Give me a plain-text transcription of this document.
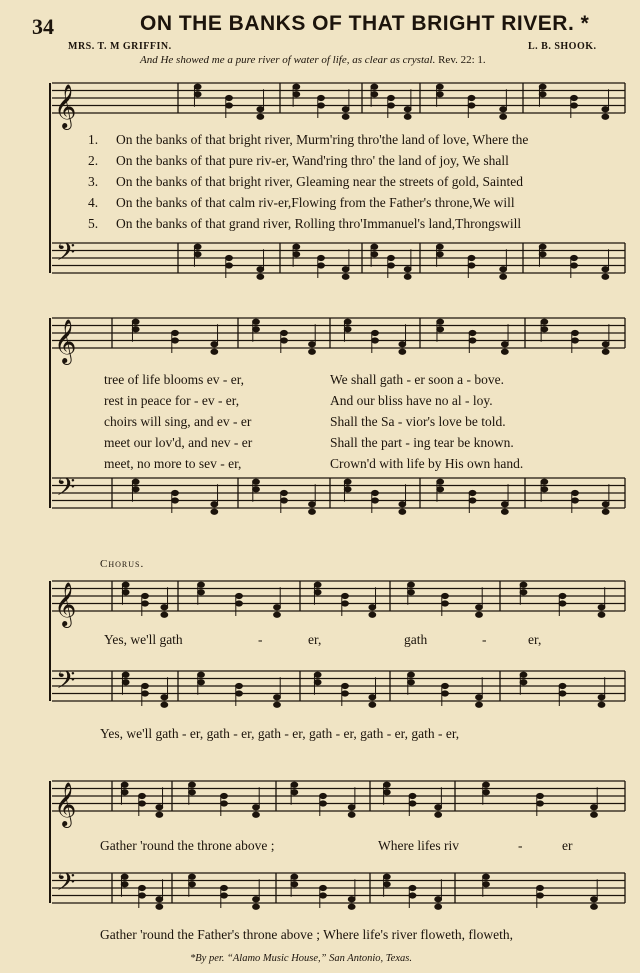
34	ON THE BANKS OF THAT BRIGHT RIVER. *
MRS. T. M GRIFFIN.	L. B. SHOOK.
And He showed me a pure river of water of life, as clear as crystal. Rev. 22: 1.
𝄞
𝄢
𝄞
𝄢
𝄞
𝄢
𝄞
𝄢
1.
2.
3.
4.
5.
On the banks of that bright river, Murm'ring thro'the land of love, Where the
On the banks of that pure riv-er, Wand'ring thro' the land of joy, We shall
On the banks of that bright river, Gleaming near the streets of gold, Sainted
On the banks of that calm riv-er,Flowing from the Father's throne,We will
On the banks of that grand river, Rolling thro'Immanuel's land,Throngswill
tree of life blooms ev - er,
rest in peace for - ev - er,
choirs will sing, and ev - er
meet our lov'd, and nev - er
meet, no more to sev - er,
We shall gath - er soon a - bove.
And our bliss have no al - loy.
Shall the Sa - vior's love be told.
Shall the part - ing tear be known.
Crown'd with life by His own hand.
Chorus.
Yes, we'll gath	-	er,	gath	-	er,
Yes, we'll gath - er, gath - er, gath - er, gath - er, gath - er, gath - er,
Gather 'round the throne above ;	Where lifes riv	-	er
Gather 'round the Father's throne above ; Where life's river floweth, floweth,
*By per. “Alamo Music House,” San Antonio, Texas.
